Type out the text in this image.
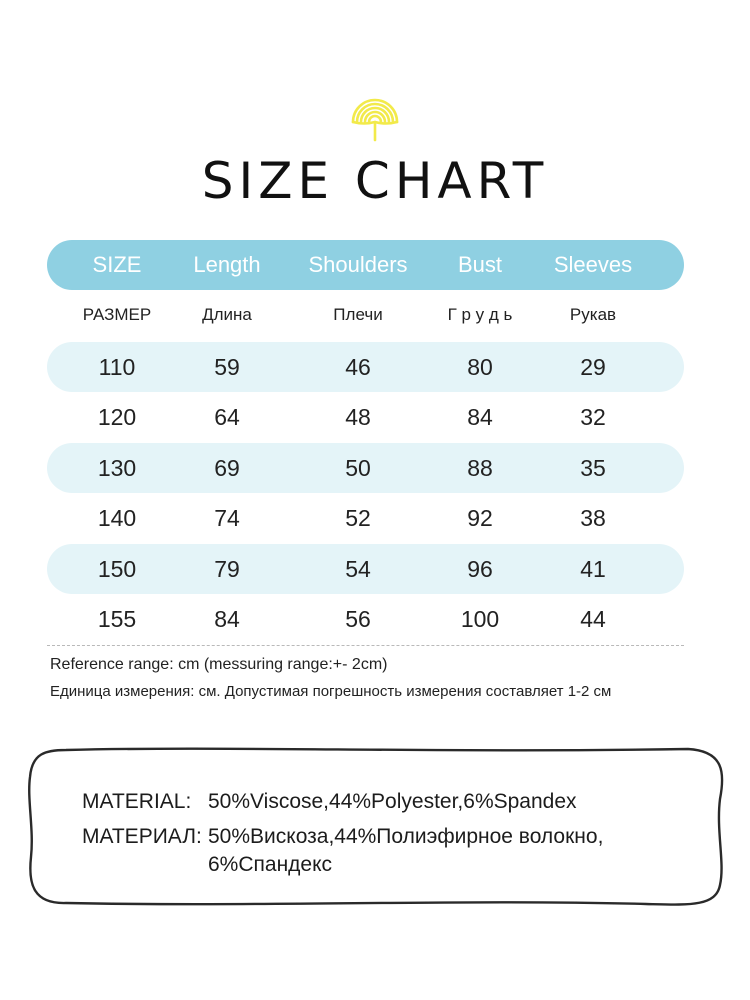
SIZE CHART
SIZE Length Shoulders Bust Sleeves
РАЗМЕР	Длина	Плечи	Г р у д ь	Рукав
110	59	46	80	29
120	64	48	84	32
130	69	50	88	35
140	74	52	92	38
150	79	54	96	41
155	84	56	100	44
Reference range: cm (messuring range:+- 2cm)
Единица измерения: см. Допустимая погрешность измерения составляет 1-2 см
MATERIAL: 50%Viscose,44%Polyester,6%Spandex
МАТЕРИАЛ: 50%Вискоза,44%Полиэфирное волокно,
6%Спандекс
